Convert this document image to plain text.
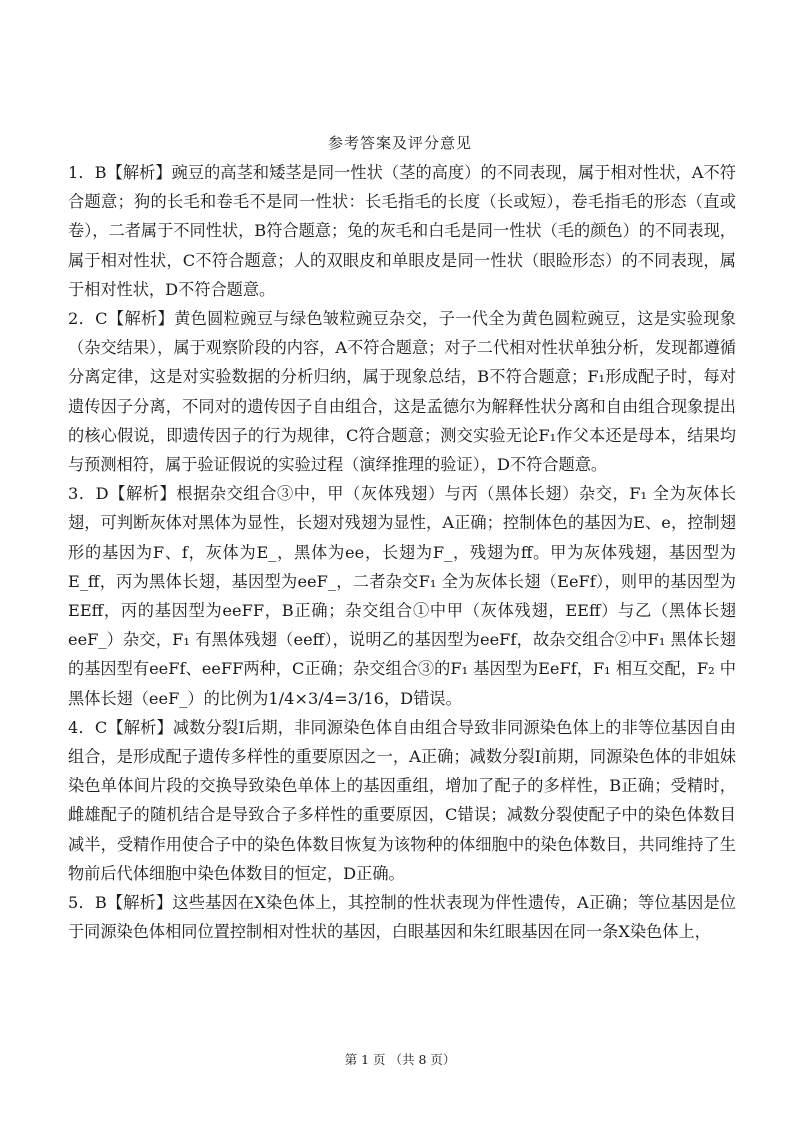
参考答案及评分意见

1．B【解析】豌豆的高茎和矮茎是同一性状（茎的高度）的不同表现，属于相对性状，A不符合题意；狗的长毛和卷毛不是同一性状：长毛指毛的长度（长或短），卷毛指毛的形态（直或卷），二者属于不同性状，B符合题意；兔的灰毛和白毛是同一性状（毛的颜色）的不同表现，属于相对性状，C不符合题意；人的双眼皮和单眼皮是同一性状（眼睑形态）的不同表现，属于相对性状，D不符合题意。

2．C【解析】黄色圆粒豌豆与绿色皱粒豌豆杂交，子一代全为黄色圆粒豌豆，这是实验现象（杂交结果），属于观察阶段的内容，A不符合题意；对子二代相对性状单独分析，发现都遵循分离定律，这是对实验数据的分析归纳，属于现象总结，B不符合题意；F₁形成配子时，每对遗传因子分离，不同对的遗传因子自由组合，这是孟德尔为解释性状分离和自由组合现象提出的核心假说，即遗传因子的行为规律，C符合题意；测交实验无论F₁作父本还是母本，结果均与预测相符，属于验证假说的实验过程（演绎推理的验证），D不符合题意。

3．D【解析】根据杂交组合③中，甲（灰体残翅）与丙（黑体长翅）杂交，F₁ 全为灰体长翅，可判断灰体对黑体为显性，长翅对残翅为显性，A正确；控制体色的基因为E、e，控制翅形的基因为F、f，灰体为E_，黑体为ee，长翅为F_，残翅为ff。甲为灰体残翅，基因型为E_ff，丙为黑体长翅，基因型为eeF_，二者杂交F₁ 全为灰体长翅（EeFf），则甲的基因型为EEff，丙的基因型为eeFF，B正确；杂交组合①中甲（灰体残翅，EEff）与乙（黑体长翅eeF_）杂交，F₁ 有黑体残翅（eeff），说明乙的基因型为eeFf，故杂交组合②中F₁ 黑体长翅的基因型有eeFf、eeFF两种，C正确；杂交组合③的F₁ 基因型为EeFf，F₁ 相互交配，F₂ 中黑体长翅（eeF_）的比例为1/4×3/4=3/16，D错误。

4．C【解析】减数分裂Ⅰ后期，非同源染色体自由组合导致非同源染色体上的非等位基因自由组合，是形成配子遗传多样性的重要原因之一，A正确；减数分裂Ⅰ前期，同源染色体的非姐妹染色单体间片段的交换导致染色单体上的基因重组，增加了配子的多样性，B正确；受精时，雌雄配子的随机结合是导致合子多样性的重要原因，C错误；减数分裂使配子中的染色体数目减半，受精作用使合子中的染色体数目恢复为该物种的体细胞中的染色体数目，共同维持了生物前后代体细胞中染色体数目的恒定，D正确。

5．B【解析】这些基因在X染色体上，其控制的性状表现为伴性遗传，A正确；等位基因是位于同源染色体相同位置控制相对性状的基因，白眼基因和朱红眼基因在同一条X染色体上，

第 1 页 （共 8 页）
